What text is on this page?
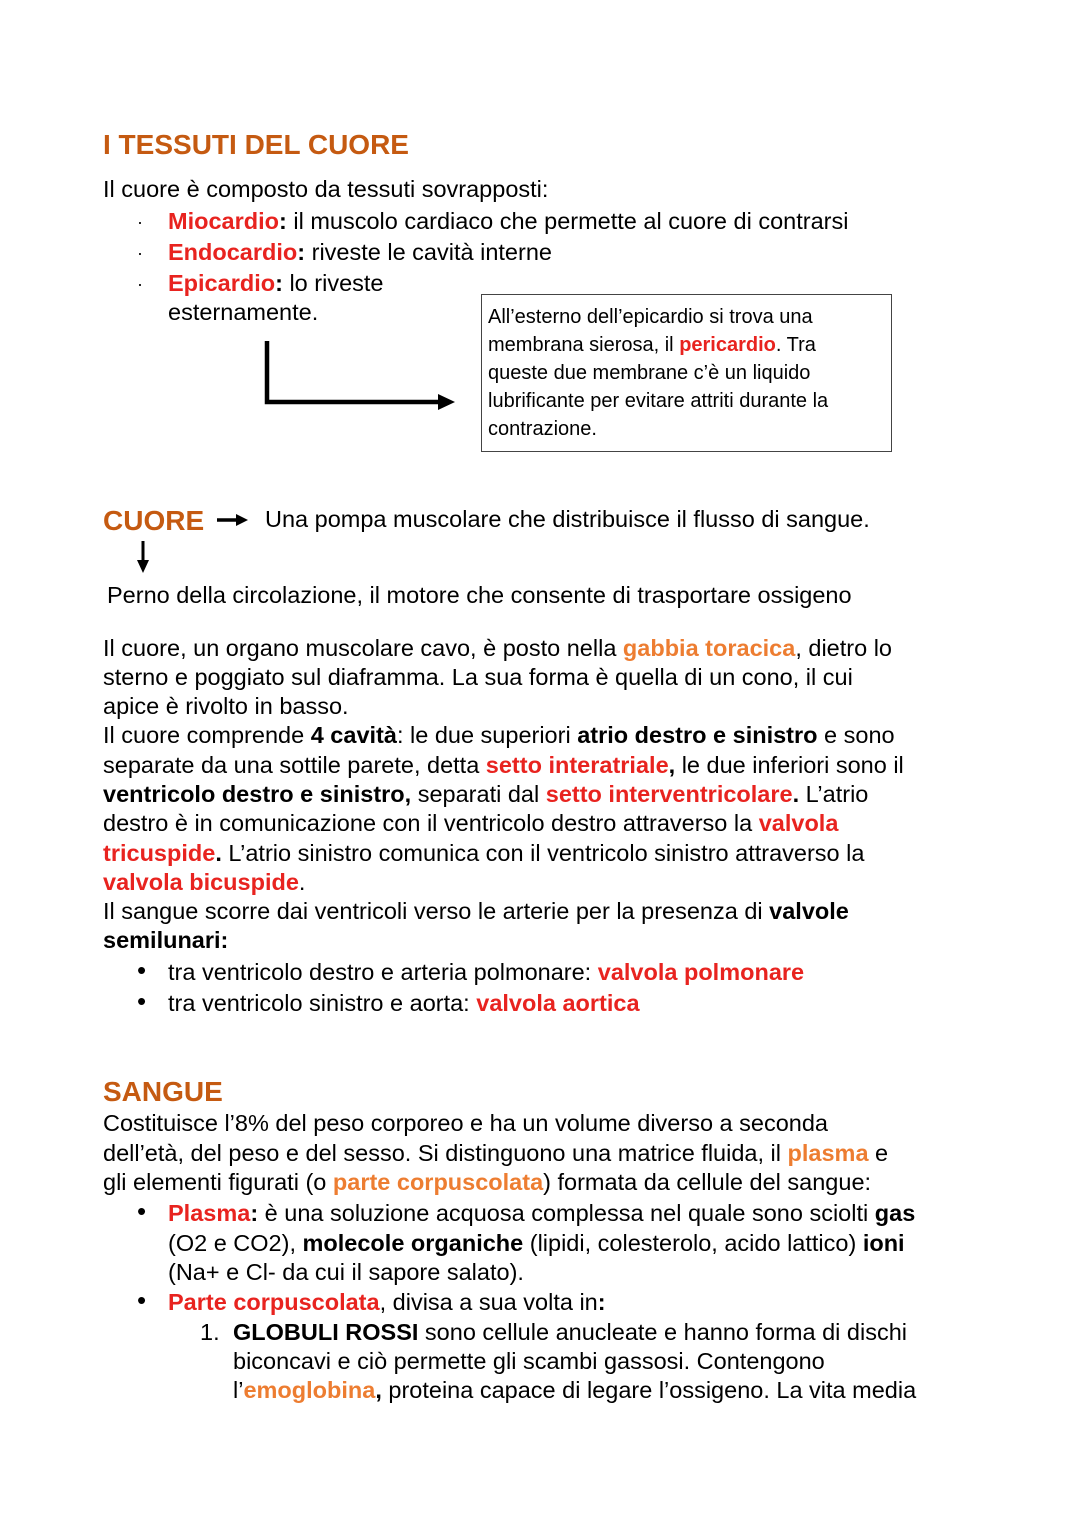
I TESSUTI DEL CUORE
Il cuore è composto da tessuti sovrapposti:
· Miocardio: il muscolo cardiaco che permette al cuore di contrarsi
· Endocardio: riveste le cavità interne
· Epicardio: lo riveste
esternamente.	All’esterno dell’epicardio si trova una
membrana sierosa, il pericardio. Tra
queste due membrane c’è un liquido
lubrificante per evitare attriti durante la
contrazione.
CUORE	Una pompa muscolare che distribuisce il flusso di sangue.
Perno della circolazione, il motore che consente di trasportare ossigeno
Il cuore, un organo muscolare cavo, è posto nella gabbia toracica, dietro lo
sterno e poggiato sul diaframma. La sua forma è quella di un cono, il cui
apice è rivolto in basso.
Il cuore comprende 4 cavità: le due superiori atrio destro e sinistro e sono
separate da una sottile parete, detta setto interatriale, le due inferiori sono il
ventricolo destro e sinistro, separati dal setto interventricolare. L’atrio
destro è in comunicazione con il ventricolo destro attraverso la valvola
tricuspide. L’atrio sinistro comunica con il ventricolo sinistro attraverso la
valvola bicuspide.
Il sangue scorre dai ventricoli verso le arterie per la presenza di valvole
semilunari:
• tra ventricolo destro e arteria polmonare: valvola polmonare
• tra ventricolo sinistro e aorta: valvola aortica
SANGUE
Costituisce l’8% del peso corporeo e ha un volume diverso a seconda
dell’età, del peso e del sesso. Si distinguono una matrice fluida, il plasma e
gli elementi figurati (o parte corpuscolata) formata da cellule del sangue:
• Plasma: è una soluzione acquosa complessa nel quale sono sciolti gas
(O2 e CO2), molecole organiche (lipidi, colesterolo, acido lattico) ioni
(Na+ e Cl- da cui il sapore salato).
• Parte corpuscolata, divisa a sua volta in:
1. GLOBULI ROSSI sono cellule anucleate e hanno forma di dischi
biconcavi e ciò permette gli scambi gassosi. Contengono
l’emoglobina, proteina capace di legare l’ossigeno. La vita media
